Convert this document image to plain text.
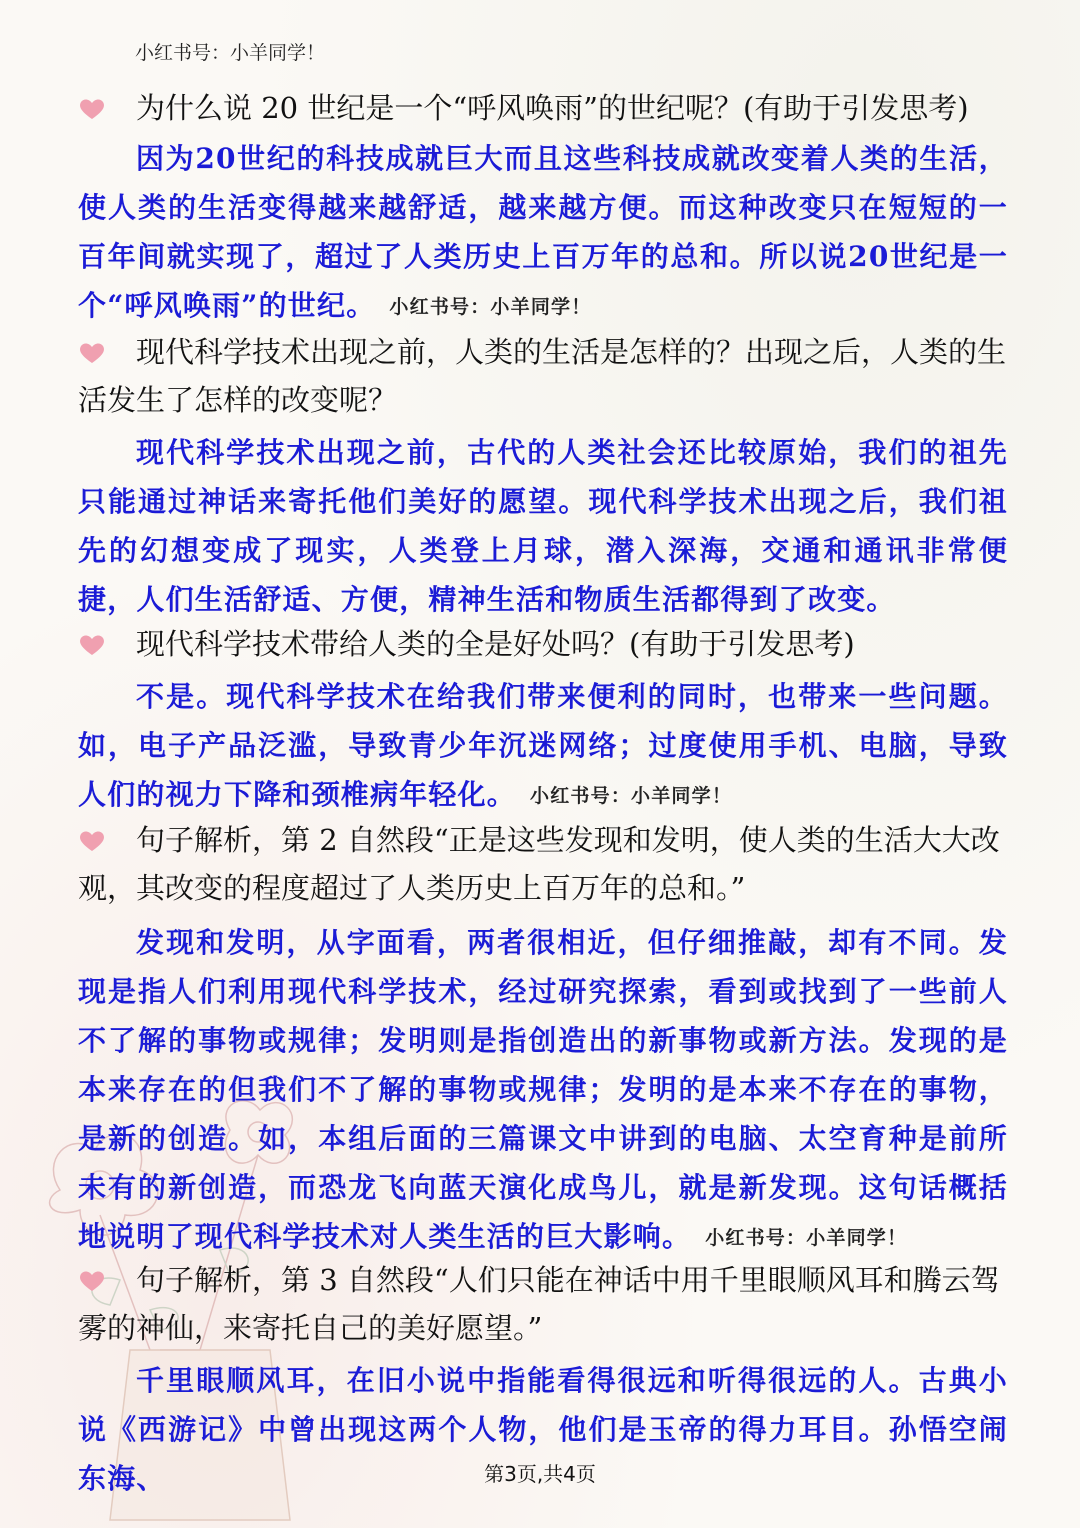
小红书号：小羊同学！
为什么说 20 世纪是一个“呼风唤雨”的世纪呢？(有助于引发思考)
因为20世纪的科技成就巨大而且这些科技成就改变着人类的生活，使人类的生活变得越来越舒适，越来越方便。而这种改变只在短短的一百年间就实现了，超过了人类历史上百万年的总和。所以说20世纪是一个“呼风唤雨”的世纪。 小红书号：小羊同学！
现代科学技术出现之前，人类的生活是怎样的？出现之后，人类的生活发生了怎样的改变呢？
现代科学技术出现之前，古代的人类社会还比较原始，我们的祖先只能通过神话来寄托他们美好的愿望。现代科学技术出现之后，我们祖先的幻想变成了现实，人类登上月球，潜入深海，交通和通讯非常便捷，人们生活舒适、方便，精神生活和物质生活都得到了改变。
现代科学技术带给人类的全是好处吗？(有助于引发思考)
不是。现代科学技术在给我们带来便利的同时，也带来一些问题。如，电子产品泛滥，导致青少年沉迷网络；过度使用手机、电脑，导致人们的视力下降和颈椎病年轻化。 小红书号：小羊同学！
句子解析，第 2 自然段“正是这些发现和发明，使人类的生活大大改观，其改变的程度超过了人类历史上百万年的总和。”
发现和发明，从字面看，两者很相近，但仔细推敲，却有不同。发现是指人们利用现代科学技术，经过研究探索，看到或找到了一些前人不了解的事物或规律；发明则是指创造出的新事物或新方法。发现的是本来存在的但我们不了解的事物或规律；发明的是本来不存在的事物，是新的创造。如，本组后面的三篇课文中讲到的电脑、太空育种是前所未有的新创造，而恐龙飞向蓝天演化成鸟儿，就是新发现。这句话概括地说明了现代科学技术对人类生活的巨大影响。 小红书号：小羊同学！
句子解析，第 3 自然段“人们只能在神话中用千里眼顺风耳和腾云驾雾的神仙，来寄托自己的美好愿望。”
千里眼顺风耳，在旧小说中指能看得很远和听得很远的人。古典小说《西游记》中曾出现这两个人物，他们是玉帝的得力耳目。孙悟空闹东海、	第3页,共4页
